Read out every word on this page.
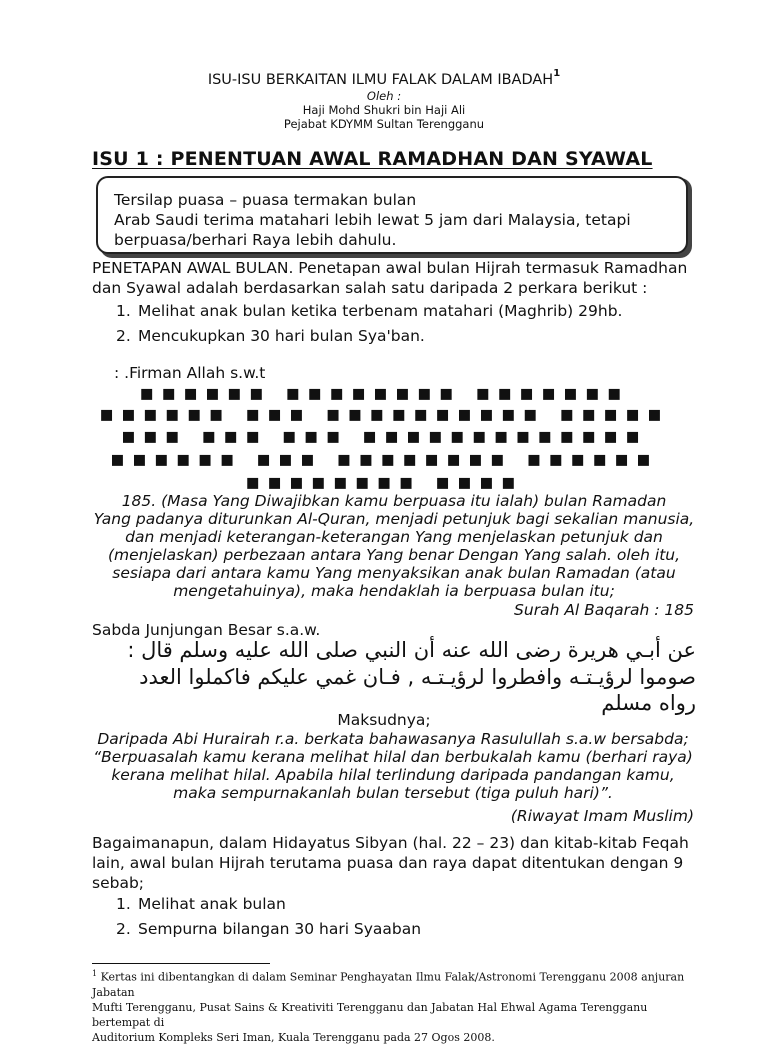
ISU-ISU BERKAITAN ILMU FALAK DALAM IBADAH$^1$
Oleh :
Haji Mohd Shukri bin Haji Ali
Pejabat KDYMM Sultan Terengganu
ISU 1 : PENENTUAN AWAL RAMADHAN DAN SYAWAL
Tersilap puasa – puasa termakan bulan
Arab Saudi terima matahari lebih lewat 5 jam dari Malaysia, tetapi
berpuasa/berhari Raya lebih dahulu.
PENETAPAN AWAL BULAN. Penetapan awal bulan Hijrah termasuk Ramadhan
dan Syawal adalah berdasarkan salah satu daripada 2 perkara berikut :
1. Melihat anak bulan ketika terbenam matahari (Maghrib) 29hb.
2. Mencukupkan 30 hari bulan Sya'ban.
: .Firman Allah s.w.t
▪▪▪▪▪▪ ▪▪▪▪▪▪▪▪ ▪▪▪▪▪▪▪
▪▪▪▪▪▪ ▪▪▪ ▪▪▪▪▪▪▪▪▪▪ ▪▪▪▪▪
▪▪▪ ▪▪▪ ▪▪▪ ▪▪▪▪▪▪▪▪▪▪▪▪▪
▪▪▪▪▪▪ ▪▪▪ ▪▪▪▪▪▪▪▪ ▪▪▪▪▪▪
▪▪▪▪▪▪▪▪ ▪▪▪▪
185. (Masa Yang Diwajibkan kamu berpuasa itu ialah) bulan Ramadan
Yang padanya diturunkan Al-Quran, menjadi petunjuk bagi sekalian manusia,
dan menjadi keterangan-keterangan Yang menjelaskan petunjuk dan
(menjelaskan) perbezaan antara Yang benar Dengan Yang salah. oleh itu,
sesiapa dari antara kamu Yang menyaksikan anak bulan Ramadan (atau
mengetahuinya), maka hendaklah ia berpuasa bulan itu;
Surah Al Baqarah : 185
Sabda Junjungan Besar s.a.w.
عن أبـي هريرة رضى الله عنه أن النبي صلى الله عليه وسلم قال :
صوموا لرؤيـتـه وافطروا لرؤيـتـه , فـان غمي عليكم فاكملوا العدد
رواه مسلم
Maksudnya;
Daripada Abi Hurairah r.a. berkata bahawasanya Rasulullah s.a.w bersabda;
“Berpuasalah kamu kerana melihat hilal dan berbukalah kamu (berhari raya)
kerana melihat hilal. Apabila hilal terlindung daripada pandangan kamu,
maka sempurnakanlah bulan tersebut (tiga puluh hari)”.
(Riwayat Imam Muslim)
Bagaimanapun, dalam Hidayatus Sibyan (hal. 22 – 23) dan kitab-kitab Feqah
lain, awal bulan Hijrah terutama puasa dan raya dapat ditentukan dengan 9
sebab;
1. Melihat anak bulan
2. Sempurna bilangan 30 hari Syaaban
$^1$ Kertas ini dibentangkan di dalam Seminar Penghayatan Ilmu Falak/Astronomi Terengganu 2008 anjuran Jabatan
Mufti Terengganu, Pusat Sains & Kreativiti Terengganu dan Jabatan Hal Ehwal Agama Terengganu bertempat di
Auditorium Kompleks Seri Iman, Kuala Terengganu pada 27 Ogos 2008.
